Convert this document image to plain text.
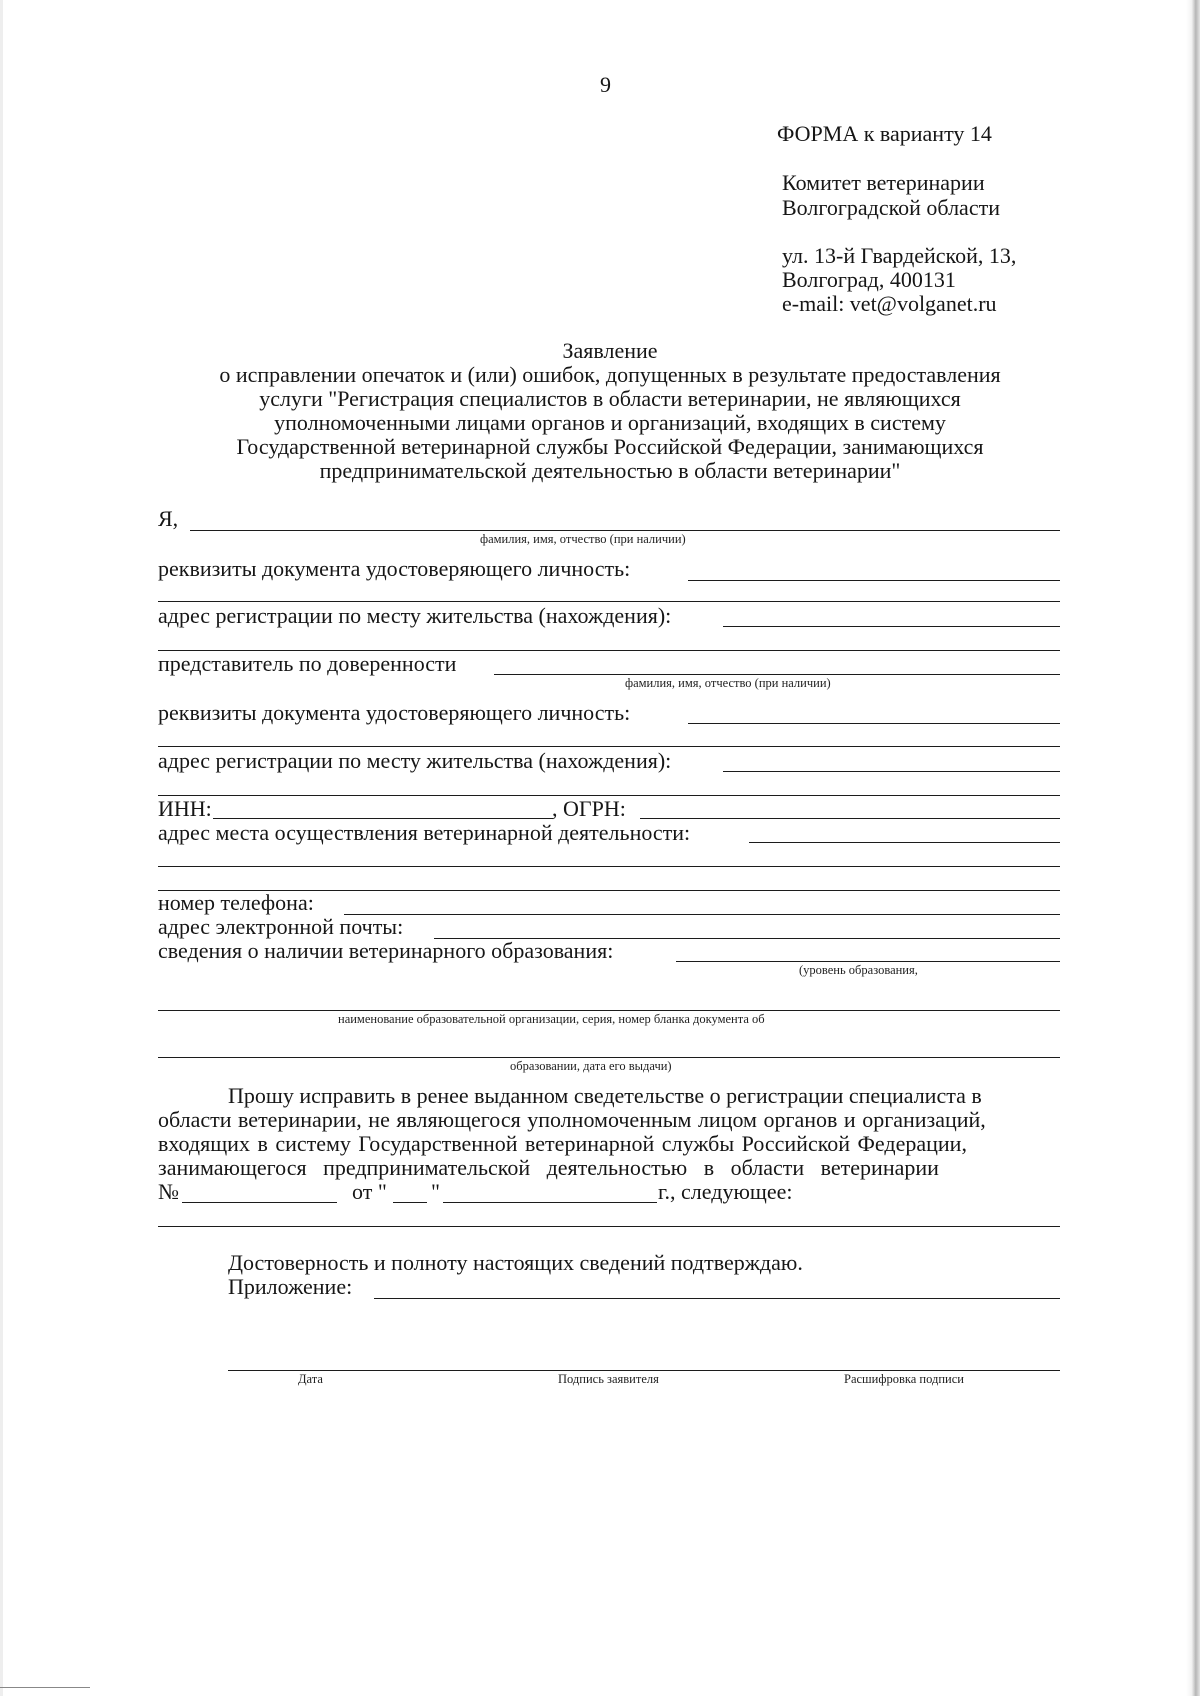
9
ФОРМА к варианту 14
Комитет ветеринарии
Волгоградской области
ул. 13-й Гвардейской, 13,
Волгоград, 400131
e-mail: vet@volganet.ru
Заявление
о исправлении опечаток и (или) ошибок, допущенных в результате предоставления
услуги "Регистрация специалистов в области ветеринарии, не являющихся
уполномоченными лицами органов и организаций, входящих в систему
Государственной ветеринарной службы Российской Федерации, занимающихся
предпринимательской деятельностью в области ветеринарии"
Я,
фамилия, имя, отчество (при наличии)
реквизиты документа удостоверяющего личность:
адрес регистрации по месту жительства (нахождения):
представитель по доверенности
фамилия, имя, отчество (при наличии)
реквизиты документа удостоверяющего личность:
адрес регистрации по месту жительства (нахождения):
ИНН:	, ОГРН:
адрес места осуществления ветеринарной деятельности:
номер телефона:
адрес электронной почты:
сведения о наличии ветеринарного образования:
(уровень образования,
наименование образовательной организации, серия, номер бланка документа об
образовании, дата его выдачи)
Прошу исправить в ренее выданном сведетельстве о регистрации специалиста в
области ветеринарии, не являющегося уполномоченным лицом органов и организаций,
входящих в систему Государственной ветеринарной службы Российской Федерации,
занимающегося   предпринимательской   деятельностью   в   области   ветеринарии
№	от " "	г., следующее:
Достоверность и полноту настоящих сведений подтверждаю.
Приложение:
Дата	Подпись заявителя	Расшифровка подписи
